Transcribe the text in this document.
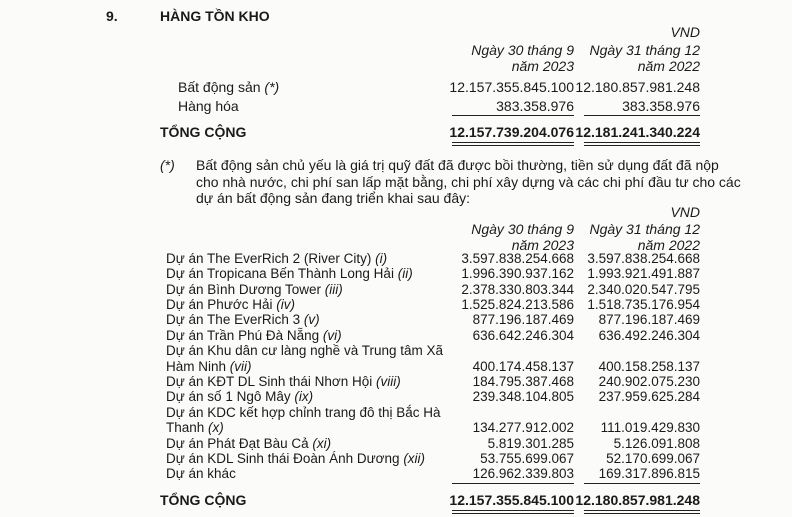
9.	HÀNG TỒN KHO
VND
Ngày 30 tháng 9
năm 2023
Ngày 31 tháng 12
năm 2022
Bất động sản (*)	12.157.355.845.100 12.180.857.981.248
Hàng hóa	383.358.976	383.358.976
TỔNG CỘNG	12.157.739.204.076 12.181.241.340.224
(*) Bất động sản chủ yếu là giá trị quỹ đất đã được bồi thường, tiền sử dụng đất đã nộp
cho nhà nước, chi phí san lấp mặt bằng, chi phí xây dựng và các chi phí đầu tư cho các
dự án bất động sản đang triển khai sau đây:
VND
Ngày 30 tháng 9
năm 2023
Ngày 31 tháng 12
năm 2022
Dự án The EverRich 2 (River City) (i)	3.597.838.254.668 3.597.838.254.668
Dự án Tropicana Bến Thành Long Hải (ii)	1.996.390.937.162 1.993.921.491.887
Dự án Bình Dương Tower (iii)	2.378.330.803.344 2.340.020.547.795
Dự án Phước Hải (iv)	1.525.824.213.586 1.518.735.176.954
Dự án The EverRich 3 (v)	877.196.187.469 877.196.187.469
Dự án Trần Phú Đà Nẵng (vi)	636.642.246.304 636.492.246.304
Dự án Khu dân cư làng nghề và Trung tâm Xã
Hàm Ninh (vii)	400.174.458.137 400.158.258.137
Dự án KĐT DL Sinh thái Nhơn Hội (viii)	184.795.387.468 240.902.075.230
Dự án số 1 Ngô Mây (ix)	239.348.104.805 237.959.625.284
Dự án KDC kết hợp chỉnh trang đô thị Bắc Hà
Thanh (x)	134.277.912.002 111.019.429.830
Dự án Phát Đạt Bàu Cả (xi)	5.819.301.285	5.126.091.808
Dự án KDL Sinh thái Đoàn Ánh Dương (xii)	53.755.699.067 52.170.699.067
Dự án khác	126.962.339.803 169.317.896.815
TỔNG CỘNG	12.157.355.845.100 12.180.857.981.248
